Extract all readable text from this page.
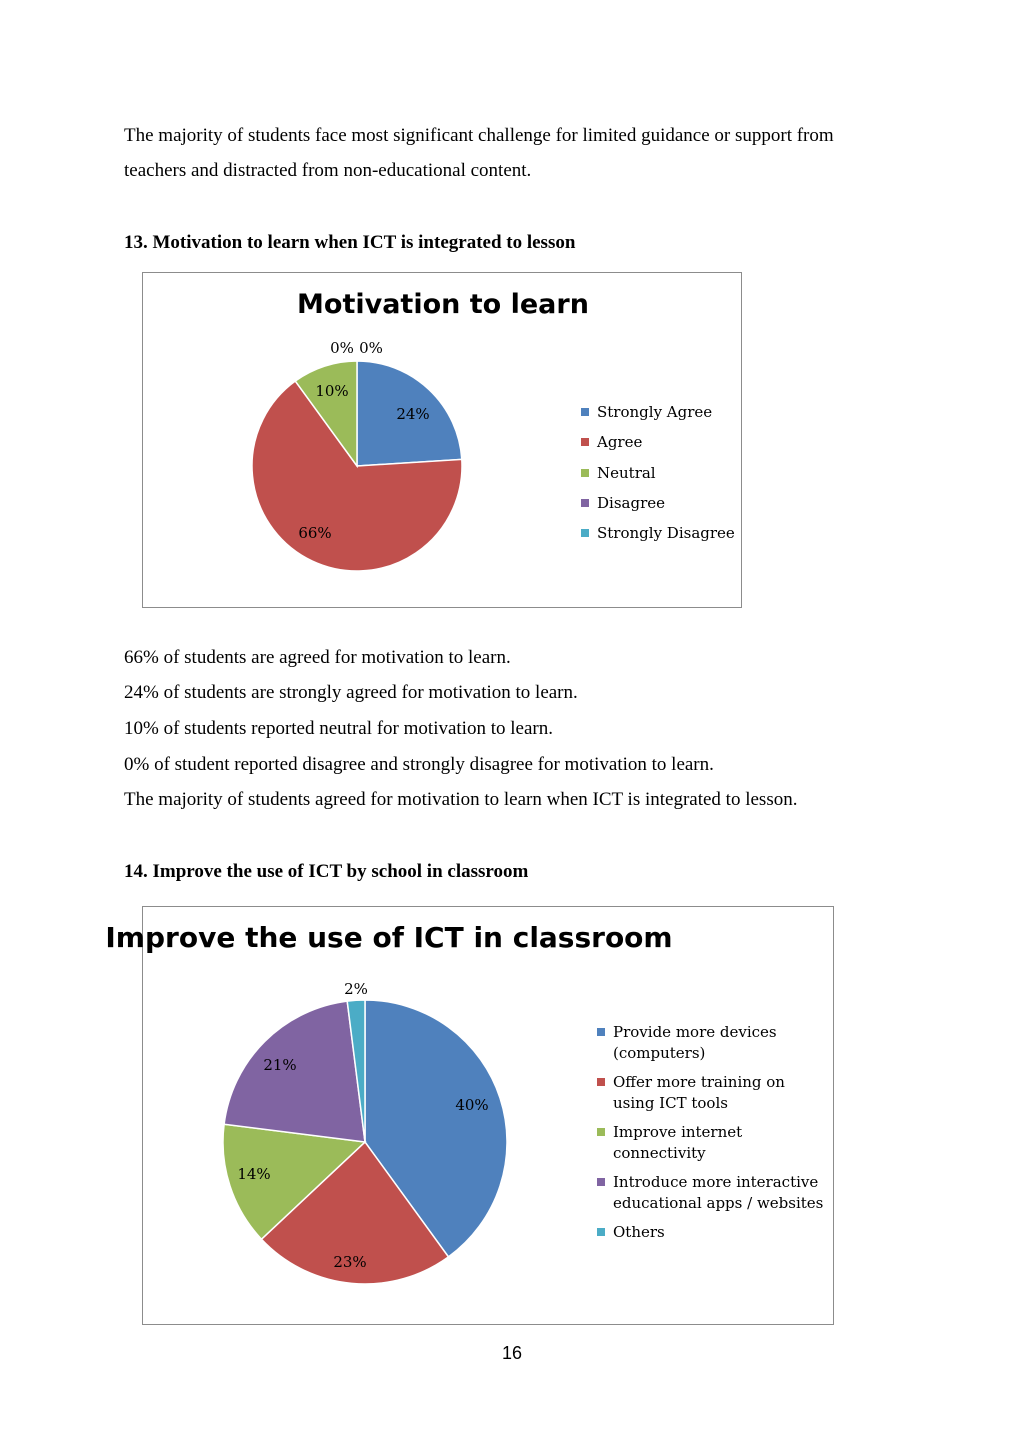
The majority of students face most significant challenge for limited guidance or support from

teachers and distracted from non-educational content.

13. Motivation to learn when ICT is integrated to lesson

Motivation to learn
24%
66%
10%
0% 0%
Strongly Agree
Agree
Neutral
Disagree
Strongly Disagree

66% of students are agreed for motivation to learn.

24% of students are strongly agreed for motivation to learn.

10% of students reported neutral for motivation to learn.

0% of student reported disagree and strongly disagree for motivation to learn.

The majority of students agreed for motivation to learn when ICT is integrated to lesson.

14. Improve the use of ICT by school in classroom

Improve the use of ICT in classroom
40%
23%
14%
21%
2%
Provide more devices (computers)
Offer more training on using ICT tools
Improve internet connectivity
Introduce more interactive educational apps / websites
Others
16
